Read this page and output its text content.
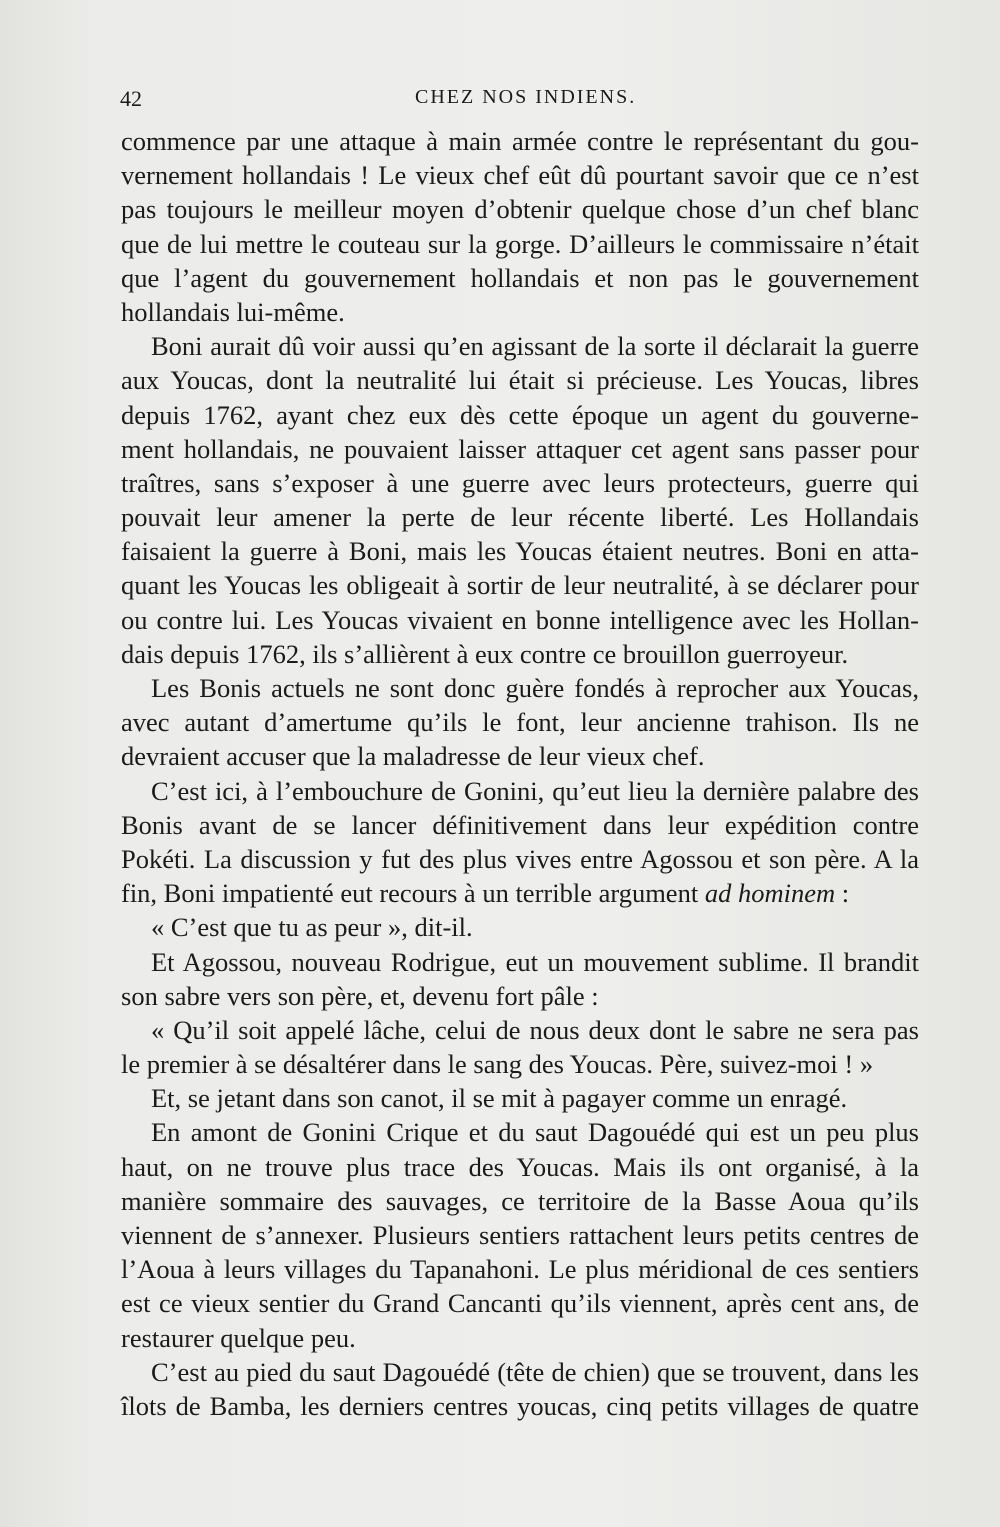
42	CHEZ NOS INDIENS.
commence par une attaque à main armée contre le représentant du gou-
vernement hollandais ! Le vieux chef eût dû pourtant savoir que ce n’est
pas toujours le meilleur moyen d’obtenir quelque chose d’un chef blanc
que de lui mettre le couteau sur la gorge. D’ailleurs le commissaire n’était
que l’agent du gouvernement hollandais et non pas le gouvernement
hollandais lui-même.
Boni aurait dû voir aussi qu’en agissant de la sorte il déclarait la guerre
aux Youcas, dont la neutralité lui était si précieuse. Les Youcas, libres
depuis 1762, ayant chez eux dès cette époque un agent du gouverne-
ment hollandais, ne pouvaient laisser attaquer cet agent sans passer pour
traîtres, sans s’exposer à une guerre avec leurs protecteurs, guerre qui
pouvait leur amener la perte de leur récente liberté. Les Hollandais
faisaient la guerre à Boni, mais les Youcas étaient neutres. Boni en atta-
quant les Youcas les obligeait à sortir de leur neutralité, à se déclarer pour
ou contre lui. Les Youcas vivaient en bonne intelligence avec les Hollan-
dais depuis 1762, ils s’allièrent à eux contre ce brouillon guerroyeur.
Les Bonis actuels ne sont donc guère fondés à reprocher aux Youcas,
avec autant d’amertume qu’ils le font, leur ancienne trahison. Ils ne
devraient accuser que la maladresse de leur vieux chef.
C’est ici, à l’embouchure de Gonini, qu’eut lieu la dernière palabre des
Bonis avant de se lancer définitivement dans leur expédition contre
Pokéti. La discussion y fut des plus vives entre Agossou et son père. A la
fin, Boni impatienté eut recours à un terrible argument ad hominem :
« C’est que tu as peur », dit-il.
Et Agossou, nouveau Rodrigue, eut un mouvement sublime. Il brandit
son sabre vers son père, et, devenu fort pâle :
« Qu’il soit appelé lâche, celui de nous deux dont le sabre ne sera pas
le premier à se désaltérer dans le sang des Youcas. Père, suivez-moi ! »
Et, se jetant dans son canot, il se mit à pagayer comme un enragé.
En amont de Gonini Crique et du saut Dagouédé qui est un peu plus
haut, on ne trouve plus trace des Youcas. Mais ils ont organisé, à la
manière sommaire des sauvages, ce territoire de la Basse Aoua qu’ils
viennent de s’annexer. Plusieurs sentiers rattachent leurs petits centres de
l’Aoua à leurs villages du Tapanahoni. Le plus méridional de ces sentiers
est ce vieux sentier du Grand Cancanti qu’ils viennent, après cent ans, de
restaurer quelque peu.
C’est au pied du saut Dagouédé (tête de chien) que se trouvent, dans les
îlots de Bamba, les derniers centres youcas, cinq petits villages de quatre
